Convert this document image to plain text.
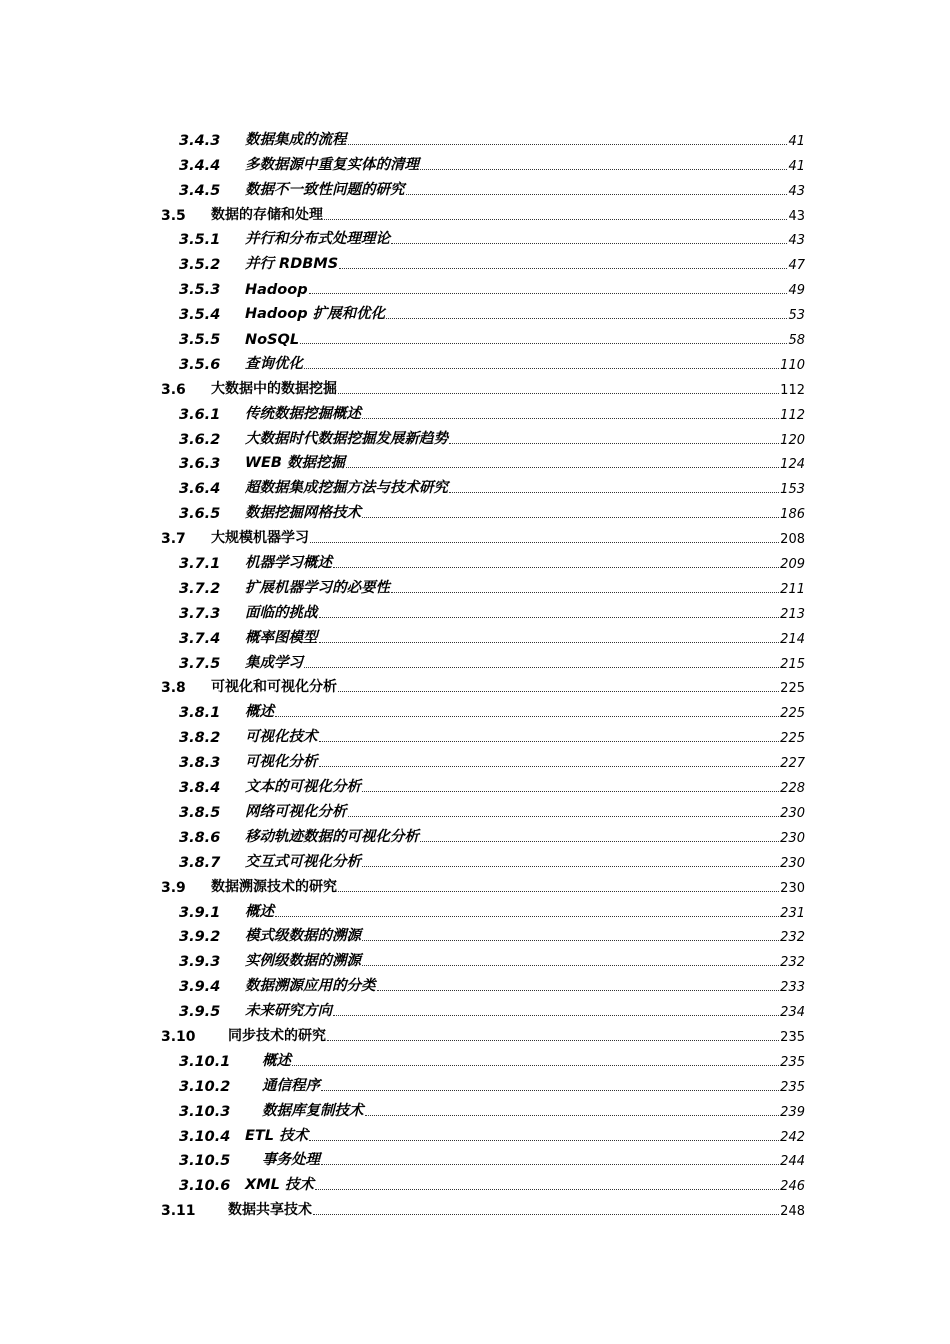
3.4.3	数据集成的流程	41
3.4.4	多数据源中重复实体的清理	41
3.4.5	数据不一致性问题的研究	43
3.5	数据的存储和处理	43
3.5.1	并行和分布式处理理论	43
3.5.2	并行 RDBMS	47
3.5.3	Hadoop	49
3.5.4	Hadoop 扩展和优化	53
3.5.5	NoSQL	58
3.5.6	查询优化	110
3.6	大数据中的数据挖掘	112
3.6.1	传统数据挖掘概述	112
3.6.2	大数据时代数据挖掘发展新趋势	120
3.6.3	WEB 数据挖掘	124
3.6.4	超数据集成挖掘方法与技术研究	153
3.6.5	数据挖掘网格技术	186
3.7	大规模机器学习	208
3.7.1	机器学习概述	209
3.7.2	扩展机器学习的必要性	211
3.7.3	面临的挑战	213
3.7.4	概率图模型	214
3.7.5	集成学习	215
3.8	可视化和可视化分析	225
3.8.1	概述	225
3.8.2	可视化技术	225
3.8.3	可视化分析	227
3.8.4	文本的可视化分析	228
3.8.5	网络可视化分析	230
3.8.6	移动轨迹数据的可视化分析	230
3.8.7	交互式可视化分析	230
3.9	数据溯源技术的研究	230
3.9.1	概述	231
3.9.2	模式级数据的溯源	232
3.9.3	实例级数据的溯源	232
3.9.4	数据溯源应用的分类	233
3.9.5	未来研究方向	234
3.10	同步技术的研究	235
3.10.1	概述	235
3.10.2	通信程序	235
3.10.3	数据库复制技术	239
3.10.4	ETL 技术	242
3.10.5	事务处理	244
3.10.6	XML 技术	246
3.11	数据共享技术	248
